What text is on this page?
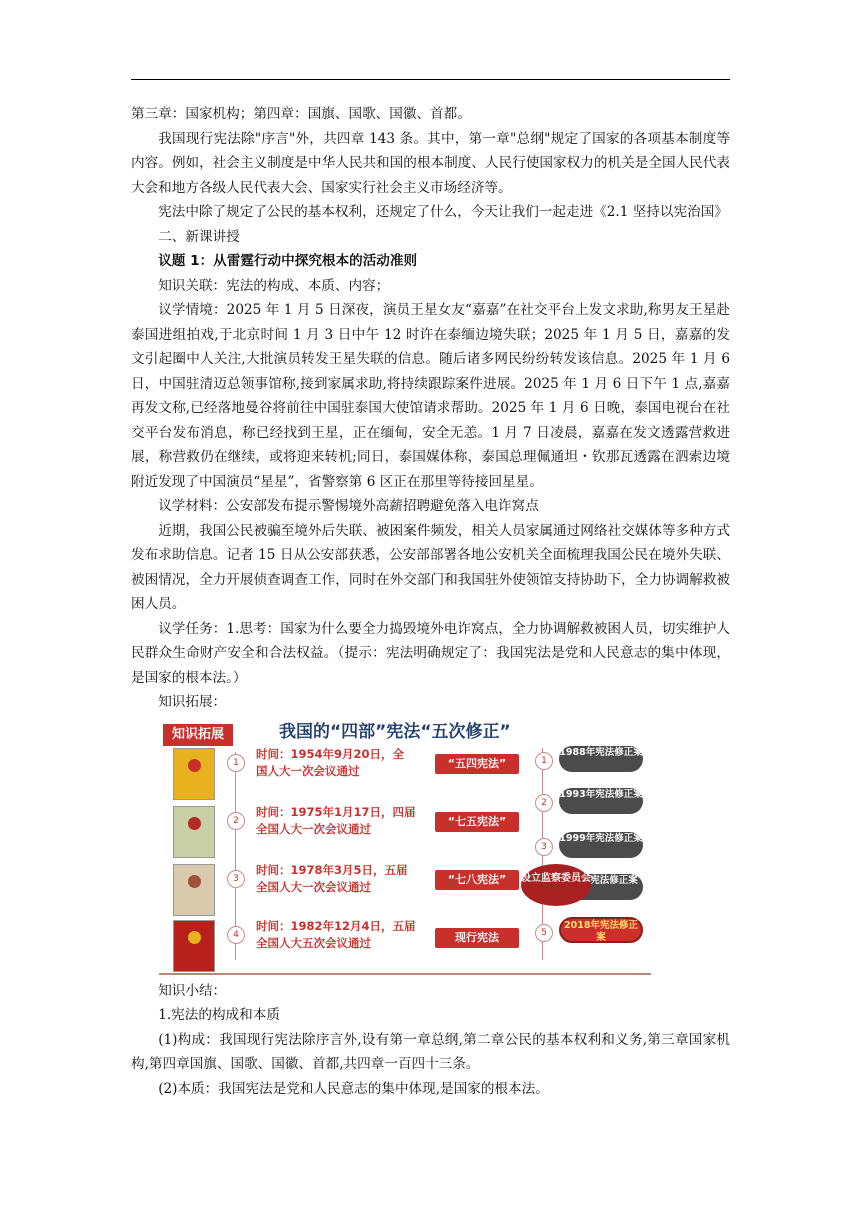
第三章：国家机构；第四章：国旗、国歌、国徽、首都。

我国现行宪法除"序言"外，共四章 143 条。其中，第一章"总纲"规定了国家的各项基本制度等内容。例如，社会主义制度是中华人民共和国的根本制度、人民行使国家权力的机关是全国人民代表大会和地方各级人民代表大会、国家实行社会主义市场经济等。

宪法中除了规定了公民的基本权利，还规定了什么，今天让我们一起走进《2.1 坚持以宪治国》

二、新课讲授

议题 1：从雷霆行动中探究根本的活动准则

知识关联：宪法的构成、本质、内容；

议学情境：2025 年 1 月 5 日深夜，演员王星女友“嘉嘉”在社交平台上发文求助,称男友王星赴泰国进组拍戏,于北京时间 1 月 3 日中午 12 时许在泰缅边境失联；2025 年 1 月 5 日，嘉嘉的发文引起圈中人关注,大批演员转发王星失联的信息。随后诸多网民纷纷转发该信息。2025 年 1 月 6 日，中国驻清迈总领事馆称,接到家属求助,将持续跟踪案件进展。2025 年 1 月 6 日下午 1 点,嘉嘉再发文称,已经落地曼谷将前往中国驻泰国大使馆请求帮助。2025 年 1 月 6 日晚，泰国电视台在社交平台发布消息，称已经找到王星，正在缅甸，安全无恙。1 月 7 日凌晨，嘉嘉在发文透露营救进展，称营救仍在继续，或将迎来转机;同日，泰国媒体称，泰国总理佩通坦・钦那瓦透露在泗索边境附近发现了中国演员“星星”，省警察第 6 区正在那里等待接回星星。

议学材料：公安部发布提示警惕境外高薪招聘避免落入电诈窝点

近期，我国公民被骗至境外后失联、被困案件频发，相关人员家属通过网络社交媒体等多种方式发布求助信息。记者 15 日从公安部获悉，公安部部署各地公安机关全面梳理我国公民在境外失联、被困情况，全力开展侦查调查工作，同时在外交部门和我国驻外使领馆支持协助下，全力协调解救被困人员。

议学任务：1.思考：国家为什么要全力捣毁境外电诈窝点，全力协调解救被困人员，切实维护人民群众生命财产安全和合法权益。（提示：宪法明确规定了：我国宪法是党和人民意志的集中体现，是国家的根本法。）

知识拓展：

知识拓展	我国的“四部”宪法“五次修正”
1
2
3
4
时间：1954年9月20日，全
国人大一次会议通过
时间：1975年1月17日，四届
全国人大一次会议通过
时间：1978年3月5日，五届
全国人大一次会议通过
时间：1982年12月4日，五届
全国人大五次会议通过
“五四宪法”
“七五宪法”
“七八宪法”
现行宪法
1
2
3
5
1988年宪法修正案
1993年宪法修正案
1999年宪法修正案
宪法修正案
2018年宪法修正案
设立监察委员会

知识小结：

1.宪法的构成和本质

(1)构成：我国现行宪法除序言外,设有第一章总纲,第二章公民的基本权利和义务,第三章国家机构,第四章国旗、国歌、国徽、首都,共四章一百四十三条。

(2)本质：我国宪法是党和人民意志的集中体现,是国家的根本法。
